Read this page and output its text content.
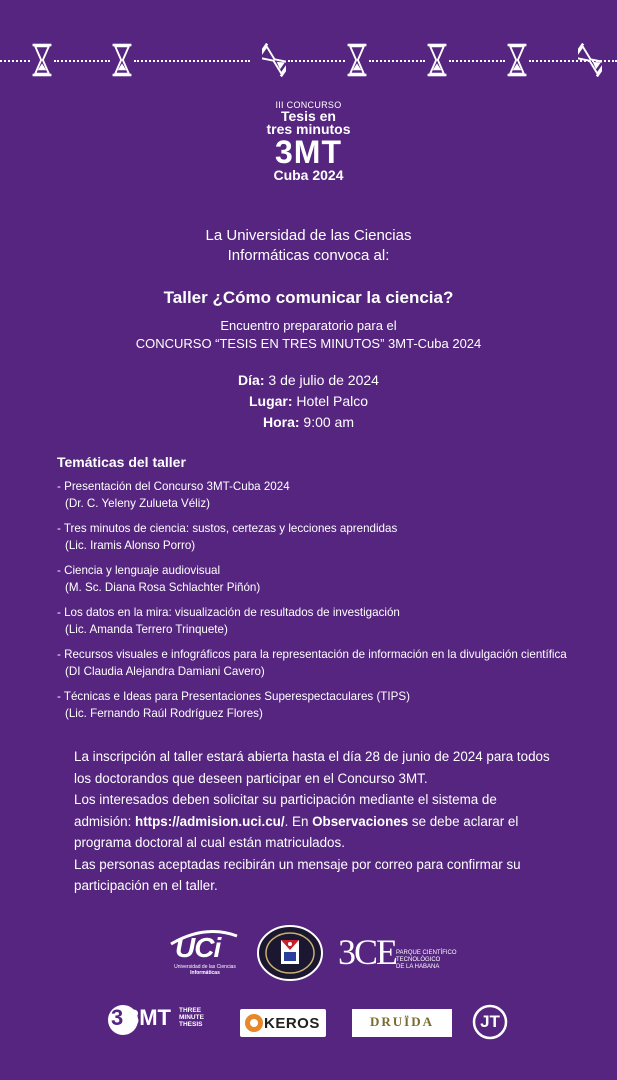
III CONCURSO
Tesis en
tres minutos
3MT
Cuba 2024
La Universidad de las Ciencias
Informáticas convoca al:
Taller ¿Cómo comunicar la ciencia?
Encuentro preparatorio para el
CONCURSO “TESIS EN TRES MINUTOS” 3MT-Cuba 2024
Día: 3 de julio de 2024
Lugar: Hotel Palco
Hora: 9:00 am
Temáticas del taller
- Presentación del Concurso 3MT-Cuba 2024
(Dr. C. Yeleny Zulueta Véliz)
- Tres minutos de ciencia: sustos, certezas y lecciones aprendidas
(Lic. Iramis Alonso Porro)
- Ciencia y lenguaje audiovisual
(M. Sc. Diana Rosa Schlachter Piñón)
- Los datos en la mira: visualización de resultados de investigación
(Lic. Amanda Terrero Trinquete)
- Recursos visuales e infográficos para la representación de información en la divulgación científica
(DI Claudia Alejandra Damiani Cavero)
- Técnicas e Ideas para Presentaciones Superespectaculares (TIPS)
(Lic. Fernando Raúl Rodríguez Flores)
La inscripción al taller estará abierta hasta el día 28 de junio de 2024 para todos los doctorandos que deseen participar en el Concurso 3MT.
Los interesados deben solicitar su participación mediante el sistema de admisión: https://admision.uci.cu/. En Observaciones se debe aclarar el programa doctoral al cual están matriculados.
Las personas aceptadas recibirán un mensaje por correo para confirmar su participación en el taller.
UCi
Universidad de las Ciencias
Informáticas
3CE PARQUE CIENTÍFICO
TECNOLÓGICO
DE LA HABANA
3 3MT THREE
MINUTE
THESIS	KEROS	DRUÏDA	JT
